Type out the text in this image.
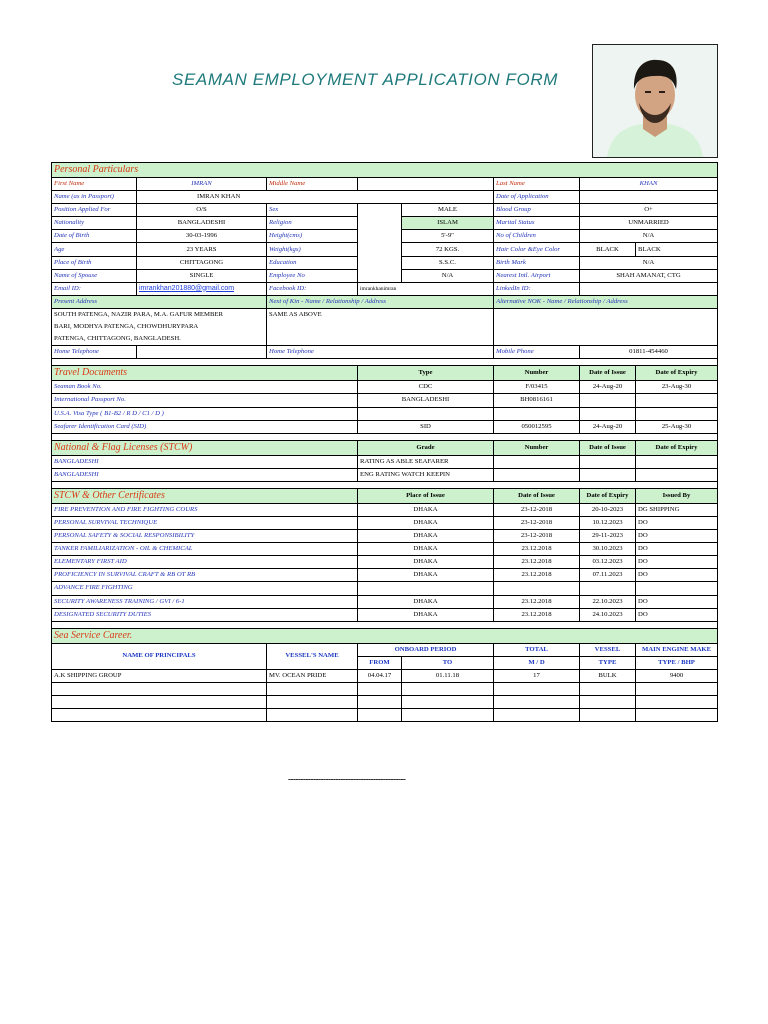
SEAMAN EMPLOYMENT APPLICATION FORM
Personal Particulars							
First Name	IMRAN	Middle Name			Last Name	KHAN	
Name (as in Passport)	IMRAN KHAN				Date of Application		
Position Applied For	O/S	Sex		MALE	Blood Group	O+	
Nationality	BANGLADESHI	Religion		ISLAM	Marital Status	UNMARRIED	
Date of Birth	30-03-1996	Height(cms)		5'-9"	No of Children	N/A	
Age	23 YEARS	Weight(kgs)		72 KGS.	Hair Color &Eye Color	BLACK	BLACK
Place of Birth	CHITTAGONG	Education		S.S.C.	Birth Mark	N/A	
Name of Spouse	SINGLE	Employee No		N/A	Nearest Intl. Airport	SHAH AMANAT, CTG	
Email ID:	imrankhan201880@gmail.com	Facebook ID:	imrankhanimran		LinkedIn ID:		
Present Address		Next of Kin - Name / Relationship / Address			Alternative NOK - Name / Relationship / Address		
SOUTH PATENGA, NAZIR PARA, M.A. GAFUR MEMBER		SAME AS ABOVE					
BARI, MODHYA PATENGA, CHOWDHURYPARA							
PATENGA, CHITTAGONG, BANGLADESH.							
Home Telephone		Home Telephone			Mobile Phone	01811-454460	

Travel Documents			Type		Number	Date of Issue	Date of Expiry
Seaman Book No.			CDC		F/03415	24-Aug-20	23-Aug-30
International Passport No.			BANGLADESHI		BH0816161		
U.S.A. Visa Type ( B1-B2 / R D / C1 / D )							
Seafarer Identification Card (SID)			SID		050012595	24-Aug-20	25-Aug-30

National & Flag Licenses (STCW)			Grade		Number	Date of Issue	Date of Expiry
BANGLADESHI			RATING AS ABLE SEAFARER				
BANGLADESHI			ENG RATING WATCH KEEPIN				

STCW & Other Certificates			Place of Issue		Date of Issue	Date of Expiry	Issued By
FIRE PREVENTION AND FIRE FIGHTING COURS			DHAKA		23-12-2018	20-10-2023	DG SHIPPING
PERSONAL SURVIVAL TECHNIQUE			DHAKA		23-12-2018	10.12.2023	DO
PERSONAL SAFETY & SOCIAL RESPONSIBILITY			DHAKA		23-12-2018	29-11-2023	DO
TANKER FAMILIARIZATION - OIL & CHEMICAL			DHAKA		23.12.2018	30.10.2023	DO
ELEMENTARY FIRST AID			DHAKA		23.12.2018	03.12.2023	DO
PROFICIENCY IN SURVIVAL CRAFT & RB OT RB			DHAKA		23.12.2018	07.11.2023	DO
ADVANCE FIRE FIGHTING							
SECURITY AWARENESS TRAINING / GVI / 6-1			DHAKA		23.12.2018	22.10.2023	DO
DESIGNATED SECURITY DUTIES			DHAKA		23.12.2018	24.10.2023	DO

Sea Service Career.							
NAME OF PRINCIPALS		VESSEL'S NAME	ONBOARD PERIOD		TOTAL	VESSEL	MAIN ENGINE MAKE
			FROM	TO	M / D	TYPE	TYPE / BHP
A.K SHIPPING GROUP		MV. OCEAN PRIDE	04.04.17	01.11.18	17	BULK	9400

-----------------------------------------------
